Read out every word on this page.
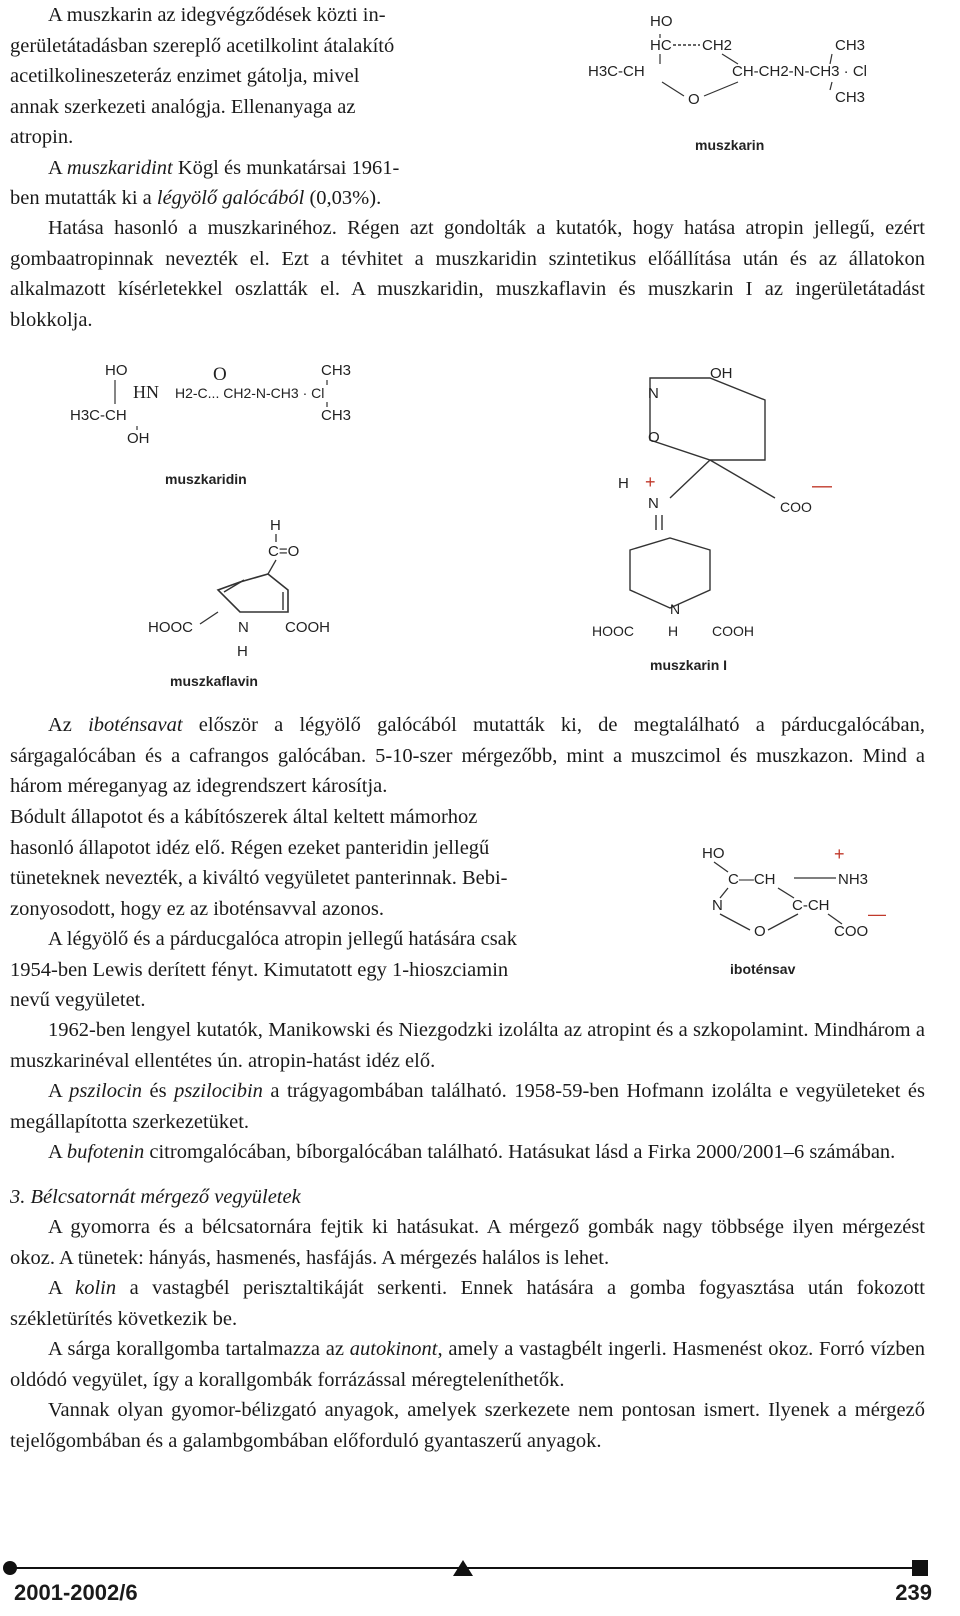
A muszkarin az idegvégződések közti in-
gerületátadásban szereplő acetilkolint átalakító
acetilkolineszeteráz enzimet gátolja, mivel
annak szerkezeti analógja. Ellenanyaga az
atropin.

A muszkaridint Kögl és munkatársai 1961-
ben mutatták ki a légyölő galócából (0,03%).

Hatása hasonló a muszkarinéhoz. Régen azt gondolták a kutatók, hogy hatása atropin jellegű, ezért gombaatropinnak nevezték el. Ezt a tévhitet a muszkaridin szintetikus előállítása után és az állatokon alkalmazott kísérletekkel oszlatták el. A muszkaridin, muszkaflavin és muszkarin I az ingerületátadást blokkolja.

HO
HC CH2
H3C-CH	CH-CH2-N-CH3 · Cl
CH3
CH3
O
muszkarin
HO	O
HN H2-C... CH2-N-CH3 · Cl
CH3
CH3
H3C-CH
OH
muszkaridin
H
C=O
HOOC	N COOH
H
muszkaflavin
OH
N
O
H +
N	COO
—
HOOC H
N
COOH
muszkarin I

Az iboténsavat először a légyölő galócából mutatták ki, de megtalálható a párducgalócában, sárgagalócában és a cafrangos galócában. 5-10-szer mérgezőbb, mint a muszcimol és muszkazon. Mind a három méreganyag az idegrendszert károsítja.

Bódult állapotot és a kábítószerek által keltett mámorhoz
hasonló állapotot idéz elő. Régen ezeket panteridin jellegű
tüneteknek nevezték, a kiváltó vegyületet panterinnak. Bebi-
zonyosodott, hogy ez az iboténsavval azonos.

A légyölő és a párducgalóca atropin jellegű hatására csak
1954-ben Lewis derített fényt. Kimutatott egy 1-hioszciamin
nevű vegyületet.

HO
C—CH
+
NH3
N	C-CH
O	COO
—
iboténsav

1962-ben lengyel kutatók, Manikowski és Niezgodzki izolálta az atropint és a szkopolamint. Mindhárom a muszkarinéval ellentétes ún. atropin-hatást idéz elő.

A pszilocin és pszilocibin a trágyagombában található. 1958-59-ben Hofmann izolálta e vegyületeket és megállapította szerkezetüket.

A bufotenin citromgalócában, bíborgalócában található. Hatásukat lásd a Firka 2000/2001–6 számában.

3. Bélcsatornát mérgező vegyületek

A gyomorra és a bélcsatornára fejtik ki hatásukat. A mérgező gombák nagy többsége ilyen mérgezést okoz. A tünetek: hányás, hasmenés, hasfájás. A mérgezés halálos is lehet.

A kolin a vastagbél perisztaltikáját serkenti. Ennek hatására a gomba fogyasztása után fokozott székletürítés következik be.

A sárga korallgomba tartalmazza az autokinont, amely a vastagbélt ingerli. Hasmenést okoz. Forró vízben oldódó vegyület, így a korallgombák forrázással méregteleníthetők.

Vannak olyan gyomor-bélizgató anyagok, amelyek szerkezete nem pontosan ismert. Ilyenek a mérgező tejelőgombában és a galambgombában előforduló gyantaszerű anyagok.

2001-2002/6	239
